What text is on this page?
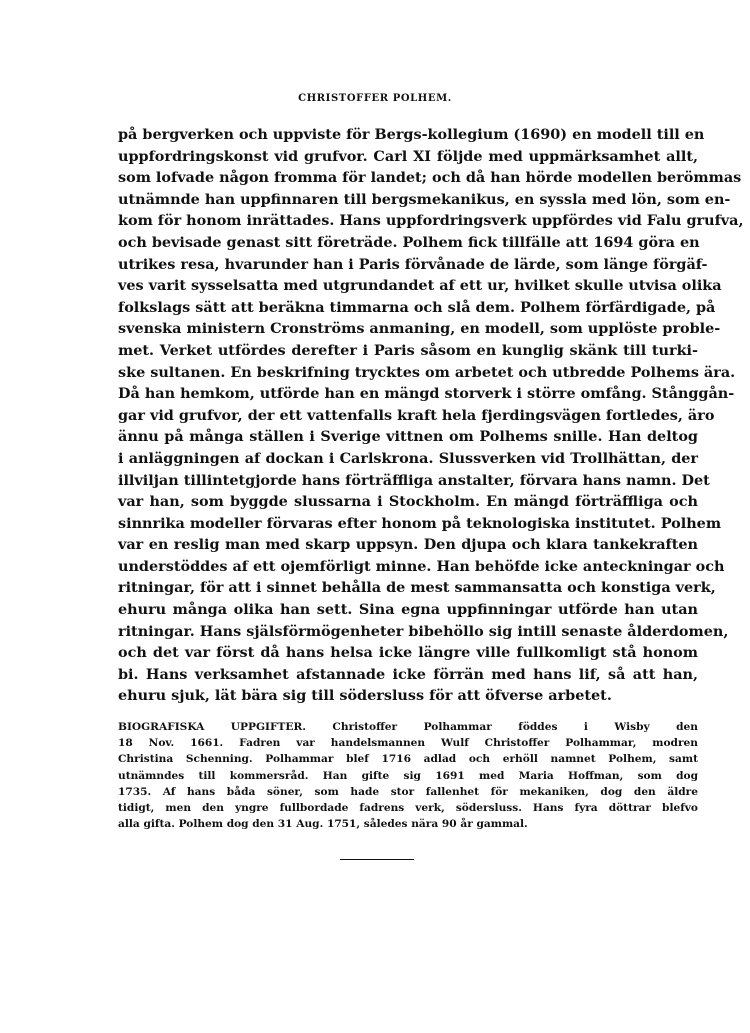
CHRISTOFFER POLHEM.
på bergverken och uppviste för Bergs-kollegium (1690) en modell till en
uppfordringskonst vid grufvor. Carl XI följde med uppmärksamhet allt,
som lofvade någon fromma för landet; och då han hörde modellen berömmas
utnämnde han uppfinnaren till bergsmekanikus, en syssla med lön, som en-
kom för honom inrättades. Hans uppfordringsverk uppfördes vid Falu grufva,
och bevisade genast sitt företräde. Polhem fick tillfälle att 1694 göra en
utrikes resa, hvarunder han i Paris förvånade de lärde, som länge förgäf-
ves varit sysselsatta med utgrundandet af ett ur, hvilket skulle utvisa olika
folkslags sätt att beräkna timmarna och slå dem. Polhem förfärdigade, på
svenska ministern Cronströms anmaning, en modell, som upplöste proble-
met. Verket utfördes derefter i Paris såsom en kunglig skänk till turki-
ske sultanen. En beskrifning trycktes om arbetet och utbredde Polhems ära.
Då han hemkom, utförde han en mängd storverk i större omfång. Stånggån-
gar vid grufvor, der ett vattenfalls kraft hela fjerdingsvägen fortledes, äro
ännu på många ställen i Sverige vittnen om Polhems snille. Han deltog
i anläggningen af dockan i Carlskrona. Slussverken vid Trollhättan, der
illviljan tillintetgjorde hans förträffliga anstalter, förvara hans namn. Det
var han, som byggde slussarna i Stockholm. En mängd förträffliga och
sinnrika modeller förvaras efter honom på teknologiska institutet. Polhem
var en reslig man med skarp uppsyn. Den djupa och klara tankekraften
understöddes af ett ojemförligt minne. Han behöfde icke anteckningar och
ritningar, för att i sinnet behålla de mest sammansatta och konstiga verk,
ehuru många olika han sett. Sina egna uppfinningar utförde han utan
ritningar. Hans själsförmögenheter bibehöllo sig intill senaste ålderdomen,
och det var först då hans helsa icke längre ville fullkomligt stå honom
bi. Hans verksamhet afstannade icke förrän med hans lif, så att han,
ehuru sjuk, lät bära sig till södersluss för att öfverse arbetet.
BIOGRAFISKA UPPGIFTER. Christoffer Polhammar föddes i Wisby den
18 Nov. 1661. Fadren var handelsmannen Wulf Christoffer Polhammar, modren
Christina Schenning. Polhammar blef 1716 adlad och erhöll namnet Polhem, samt
utnämndes till kommersråd. Han gifte sig 1691 med Maria Hoffman, som dog
1735. Af hans båda söner, som hade stor fallenhet för mekaniken, dog den äldre
tidigt, men den yngre fullbordade fadrens verk, södersluss. Hans fyra döttrar blefvo
alla gifta. Polhem dog den 31 Aug. 1751, således nära 90 år gammal.
